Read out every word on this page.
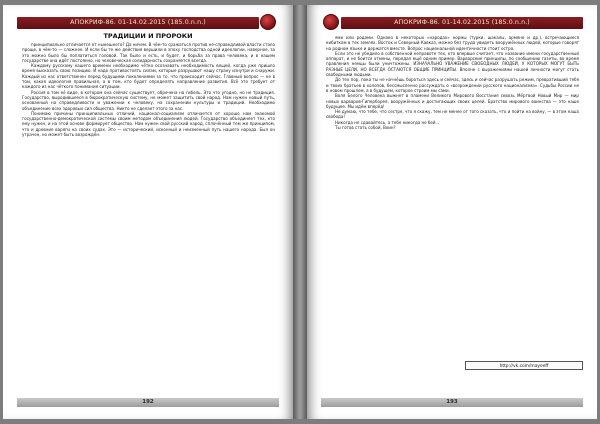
АПОКРИФ-86. 01-14.02.2015 (185.0.n.n.)
ТРАДИЦИИ И ПРОРОКИ

принципиально отличается от нынешнего? Да ничем. В чём-то сражаться против не-справедливой власти стало проще, в чём-то — сложнее. И если бы те же действия вершили в эпоху господства одной идеологии, наверное, за это можно было бы поплатиться головой. Так было и есть, и будет, и борьба за права человека, и в нашем государстве она идёт постоянно, но человеческая солидарность сохраняется всегда.

Каждому русскому нашего времени необходимо чётко осознавать необходимость вещей, когда уже пришло время высказать свою позицию. И надо противостоять силам, которые разрушают нашу страну изнутри и снаружи. Каждый из нас ответственен перед будущими поколениями за то, что происходит сейчас. Главный вопрос — не в том, какая идеология правильная, а в том, кто будет определять направление развития. Всё это требует от каждого из нас чёткого понимания ситуации.

Россия в том её виде, в котором она сейчас существует, обречена на гибель. Это что угодно, но не традиция. Государство, выродившееся в бюрократическую систему, не может защитить свой народ. Нам нужен новый путь, основанный на справедливости и уважении к человеку, на сохранении культуры и традиций. Необходимо объединение всех здоровых сил общества. Никто не сделает этого за нас.

Понимаю причины принципиальных отличий, национал-социализм отличается от хорошо нам знакомой государственно-демократической системы своим методом объединения людей. Государство объединяет тех, кто ему нужен, и на этой основе формирует общество. Нам нужен свой русский народ, сплочённый тем же принципом, что и древние варяги на своих судах. Это — исторический, исконный и неизменный путь нашего народа. Был он утрачен, но может быть возрождён.

192
АПОКРИФ-86. 01-14.02.2015 (185.0.n.n.)

ями или родами. Однако в некоторых «народах» нормы (турки, шакалы, армяне и др.), встречающиеся кибиткам в тех землях. Восток и Северный Кавказ, можно без труда увидеть вооружённых людей, которые говорят на родном языке и держатся вместе. Вопрос национальной идентичности стоит остро.

Если это не убедило в собственной неправоте тех, кто впервые считает, что название имени государственный аппарат, и не боится отмены, передал ещё одним пример. Варварские принципы, по сообщению газеты, во время правления немцы были уничтожены. ИЗНАЧАЛЬНО УВАЖЕНИЕ СВОБОДНЫХ ЛЮДЕЙ, У КОТОРЫХ МОГУТ БЫТЬ РАЗНЫЕ ЦЕЛИ, НО ВСЕГДА ОСТАЮТСЯ ОБЩИЕ ПРИНЦИПЫ. Вполне с выражениями нашей личности могут стать свободными людьми.

До тех пор, пока ты не начнёшь бороться здесь и сейчас, здесь и сейчас разрушать режим, превративший тебя и твоих братьев в холопов, бессмысленно рассуждать о «возрождении русского национализма». Судьбы России не в новом прошлом, а в будущем, которое строим мы сами.

Воля Белого Человека выжнет в пламени Великого Мирового Восстания сквозь Мёртвой Новый Мир — мир новых варваров-Гиперборея, вооружённых и достигающих своих целей. Братство мирового воинства — это наше будущее. Мы идём вперёд!

Не думаю, что тебе, что сестре, что я скажу, тем не менее от того сказать, что и пойти на войну, — в этом наша свобода!

Никогда не сдавайтесь, а тебе никогда не бей...

Ты готов стать собой, Воин?

http://vk.com/mayeeff
193
